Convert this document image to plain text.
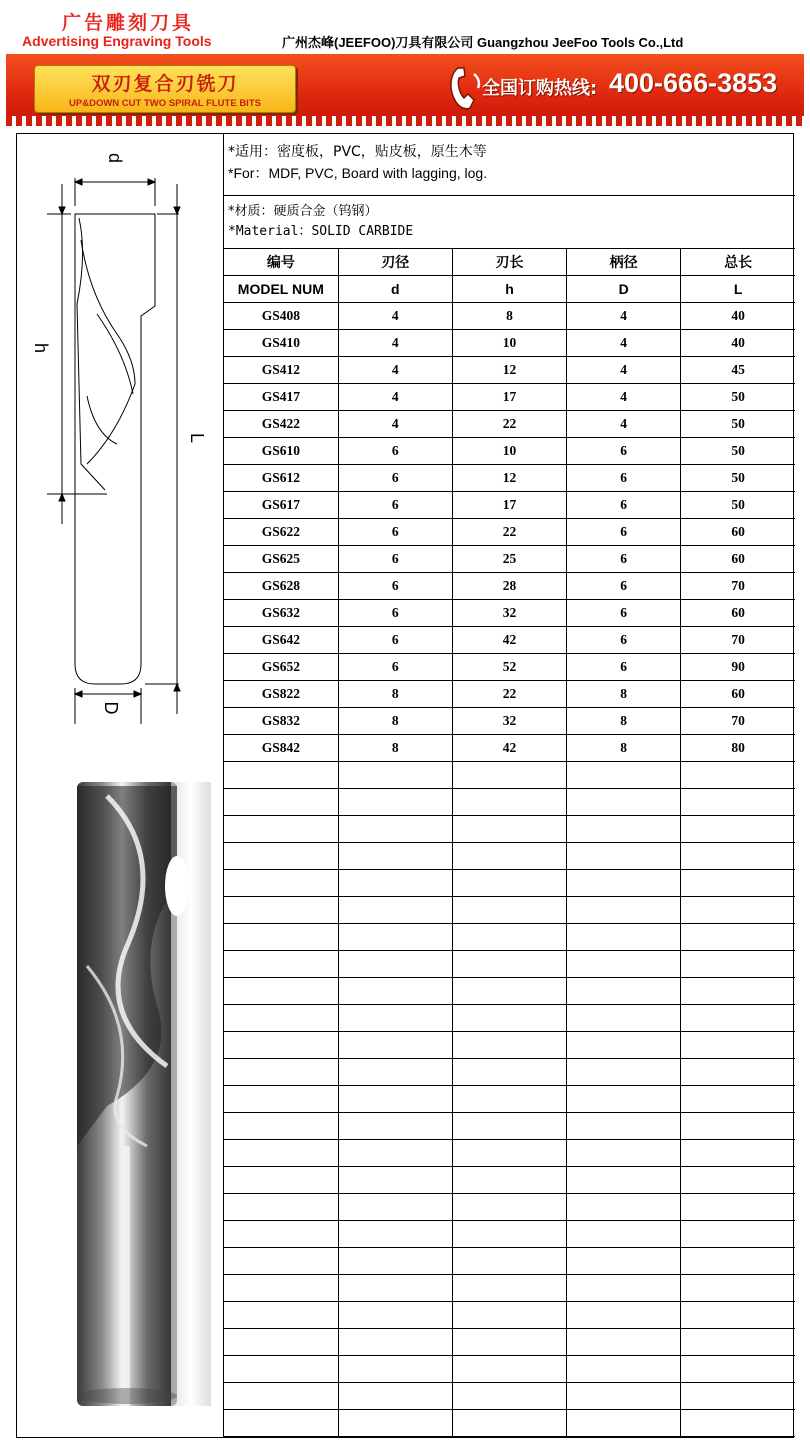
广告雕刻刀具
Advertising Engraving Tools	广州杰峰(JEEFOO)刀具有限公司 Guangzhou JeeFoo Tools Co.,Ltd
双刃复合刃铣刀
UP&DOWN CUT TWO SPIRAL FLUTE BITS
全国订购热线: 400-666-3853
d
h
L
D
*适用：密度板，PVC，贴皮板，原生木等
*For：MDF, PVC, Board with lagging, log.
*材质：硬质合金（钨钢）
*Material：SOLID CARBIDE
编号	刃径	刃长	柄径	总长
MODEL NUM	d	h	D	L
GS408	4	8	4	40
GS410	4	10	4	40
GS412	4	12	4	45
GS417	4	17	4	50
GS422	4	22	4	50
GS610	6	10	6	50
GS612	6	12	6	50
GS617	6	17	6	50
GS622	6	22	6	60
GS625	6	25	6	60
GS628	6	28	6	70
GS632	6	32	6	60
GS642	6	42	6	70
GS652	6	52	6	90
GS822	8	22	8	60
GS832	8	32	8	70
GS842	8	42	8	80
